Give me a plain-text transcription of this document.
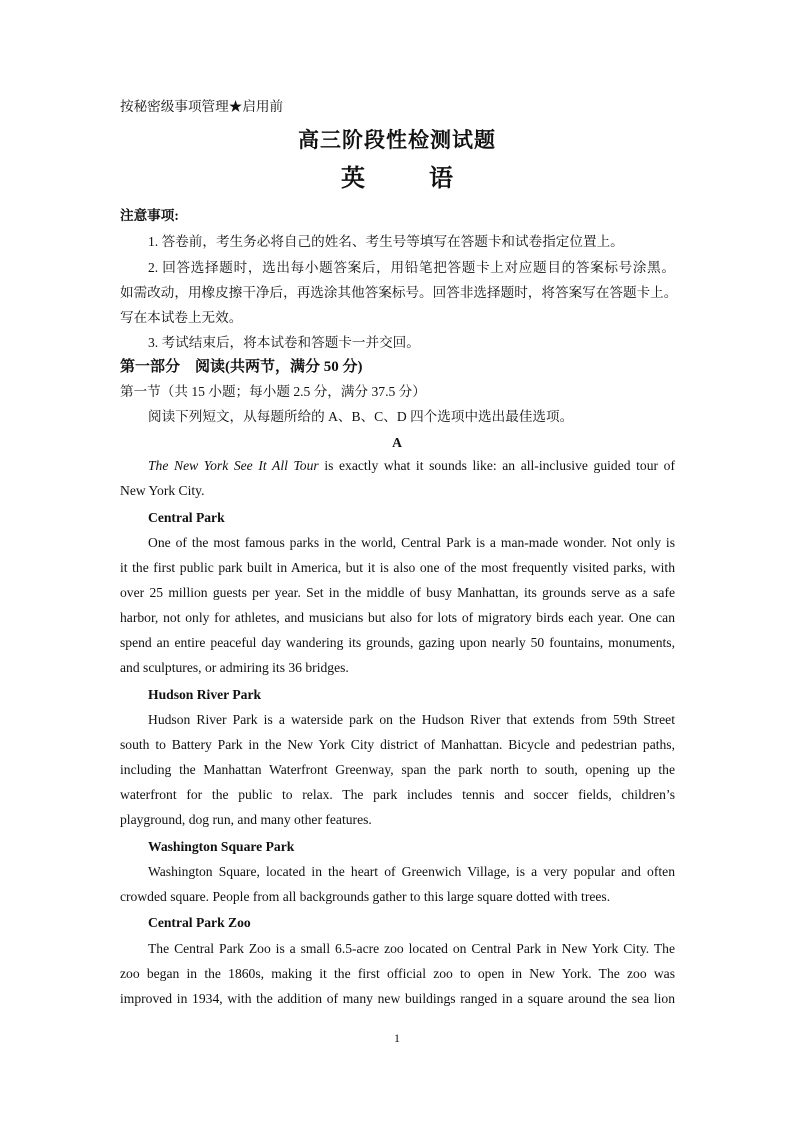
按秘密级事项管理★启用前
高三阶段性检测试题
英　语
注意事项:
1. 答卷前，考生务必将自己的姓名、考生号等填写在答题卡和试卷指定位置上。
2. 回答选择题时，选出每小题答案后，用铅笔把答题卡上对应题目的答案标号涂黑。
如需改动，用橡皮擦干净后，再选涂其他答案标号。回答非选择题时，将答案写在答题卡上。
写在本试卷上无效。
3. 考试结束后，将本试卷和答题卡一并交回。
第一部分　阅读(共两节，满分 50 分)
第一节（共 15 小题；每小题 2.5 分，满分 37.5 分）
阅读下列短文，从每题所给的 A、B、C、D 四个选项中选出最佳选项。
A
The New York See It All Tour is exactly what it sounds like: an all-inclusive guided tour of
New York City.
Central Park
One of the most famous parks in the world, Central Park is a man-made wonder. Not only is
it the first public park built in America, but it is also one of the most frequently visited parks, with
over 25 million guests per year. Set in the middle of busy Manhattan, its grounds serve as a safe
harbor, not only for athletes, and musicians but also for lots of migratory birds each year. One can
spend an entire peaceful day wandering its grounds, gazing upon nearly 50 fountains, monuments,
and sculptures, or admiring its 36 bridges.
Hudson River Park
Hudson River Park is a waterside park on the Hudson River that extends from 59th Street
south to Battery Park in the New York City district of Manhattan. Bicycle and pedestrian paths,
including the Manhattan Waterfront Greenway, span the park north to south, opening up the
waterfront for the public to relax. The park includes tennis and soccer fields, children’s
playground, dog run, and many other features.
Washington Square Park
Washington Square, located in the heart of Greenwich Village, is a very popular and often
crowded square. People from all backgrounds gather to this large square dotted with trees.
Central Park Zoo
The Central Park Zoo is a small 6.5-acre zoo located on Central Park in New York City. The
zoo began in the 1860s, making it the first official zoo to open in New York. The zoo was
improved in 1934, with the addition of many new buildings ranged in a square around the sea lion
1
